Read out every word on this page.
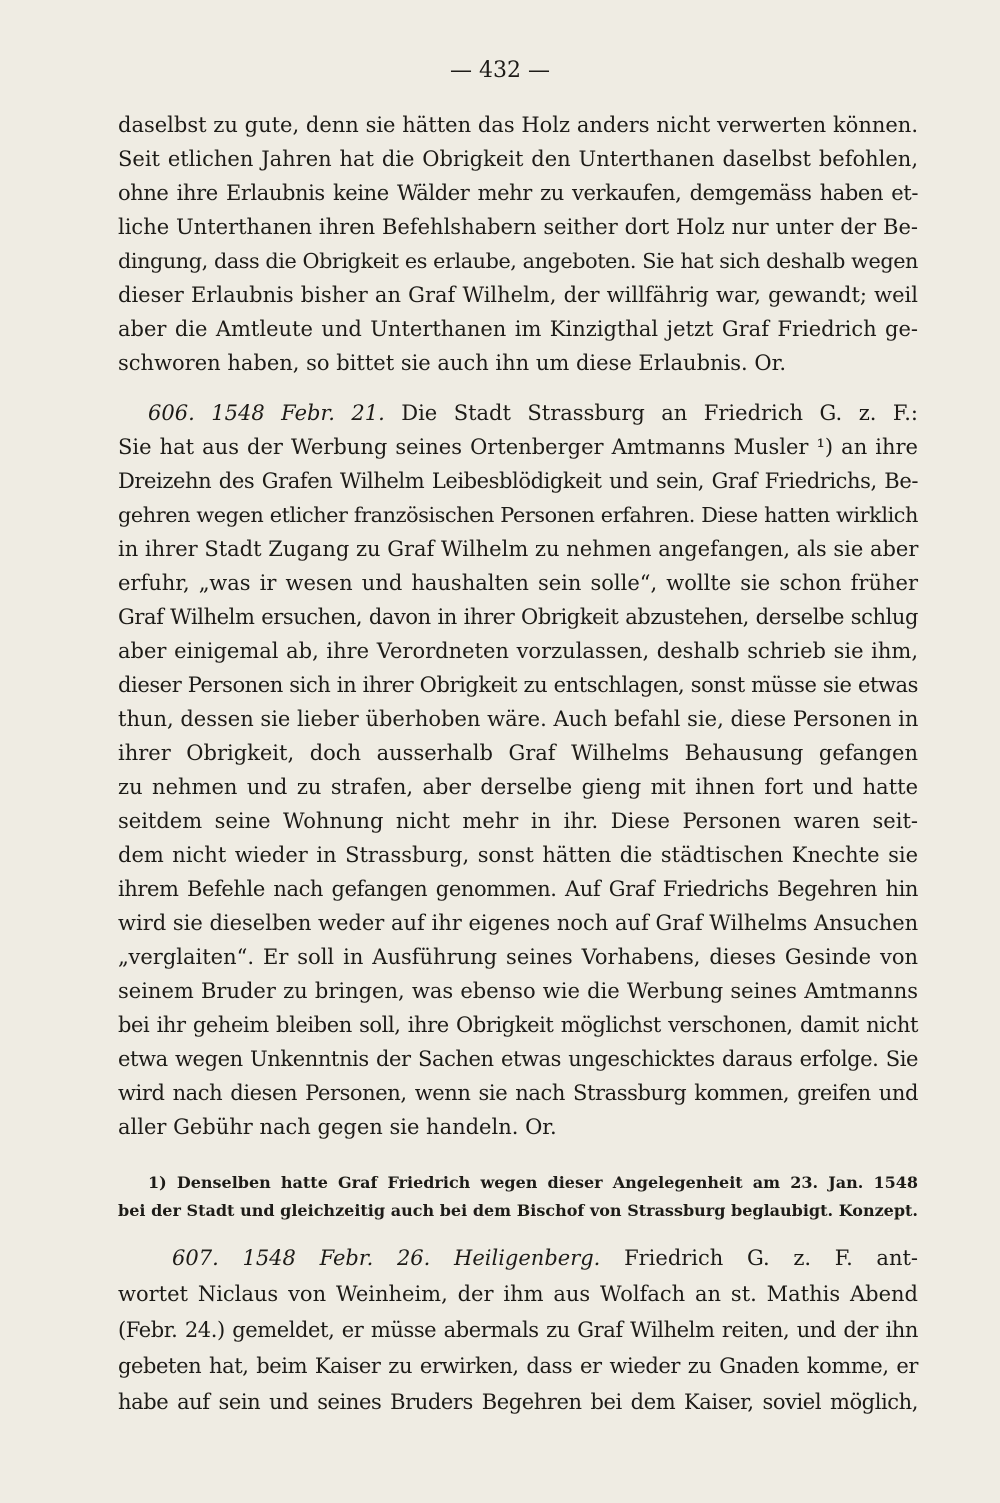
— 432 —
daselbst zu gute, denn sie hätten das Holz anders nicht verwerten können.
Seit etlichen Jahren hat die Obrigkeit den Unterthanen daselbst befohlen,
ohne ihre Erlaubnis keine Wälder mehr zu verkaufen, demgemäss haben et-
liche Unterthanen ihren Befehlshabern seither dort Holz nur unter der Be-
dingung, dass die Obrigkeit es erlaube, angeboten. Sie hat sich deshalb wegen
dieser Erlaubnis bisher an Graf Wilhelm, der willfährig war, gewandt; weil
aber die Amtleute und Unterthanen im Kinzigthal jetzt Graf Friedrich ge-
schworen haben, so bittet sie auch ihn um diese Erlaubnis. Or.
606. 1548 Febr. 21. Die Stadt Strassburg an Friedrich G. z. F.:
Sie hat aus der Werbung seines Ortenberger Amtmanns Musler ¹) an ihre
Dreizehn des Grafen Wilhelm Leibesblödigkeit und sein, Graf Friedrichs, Be-
gehren wegen etlicher französischen Personen erfahren. Diese hatten wirklich
in ihrer Stadt Zugang zu Graf Wilhelm zu nehmen angefangen, als sie aber
erfuhr, „was ir wesen und haushalten sein solle“, wollte sie schon früher
Graf Wilhelm ersuchen, davon in ihrer Obrigkeit abzustehen, derselbe schlug
aber einigemal ab, ihre Verordneten vorzulassen, deshalb schrieb sie ihm,
dieser Personen sich in ihrer Obrigkeit zu entschlagen, sonst müsse sie etwas
thun, dessen sie lieber überhoben wäre. Auch befahl sie, diese Personen in
ihrer Obrigkeit, doch ausserhalb Graf Wilhelms Behausung gefangen
zu nehmen und zu strafen, aber derselbe gieng mit ihnen fort und hatte
seitdem seine Wohnung nicht mehr in ihr. Diese Personen waren seit-
dem nicht wieder in Strassburg, sonst hätten die städtischen Knechte sie
ihrem Befehle nach gefangen genommen. Auf Graf Friedrichs Begehren hin
wird sie dieselben weder auf ihr eigenes noch auf Graf Wilhelms Ansuchen
„verglaiten“. Er soll in Ausführung seines Vorhabens, dieses Gesinde von
seinem Bruder zu bringen, was ebenso wie die Werbung seines Amtmanns
bei ihr geheim bleiben soll, ihre Obrigkeit möglichst verschonen, damit nicht
etwa wegen Unkenntnis der Sachen etwas ungeschicktes daraus erfolge. Sie
wird nach diesen Personen, wenn sie nach Strassburg kommen, greifen und
aller Gebühr nach gegen sie handeln. Or.
1) Denselben hatte Graf Friedrich wegen dieser Angelegenheit am 23. Jan. 1548
bei der Stadt und gleichzeitig auch bei dem Bischof von Strassburg beglaubigt. Konzept.
607. 1548 Febr. 26. Heiligenberg. Friedrich G. z. F. ant-
wortet Niclaus von Weinheim, der ihm aus Wolfach an st. Mathis Abend
(Febr. 24.) gemeldet, er müsse abermals zu Graf Wilhelm reiten, und der ihn
gebeten hat, beim Kaiser zu erwirken, dass er wieder zu Gnaden komme, er
habe auf sein und seines Bruders Begehren bei dem Kaiser, soviel möglich,
